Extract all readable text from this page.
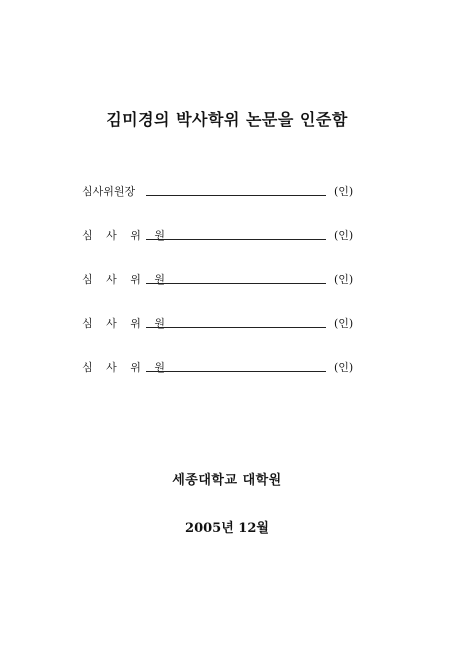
김미경의 박사학위 논문을 인준함
심사위원장	(인)
심 사 위 원	(인)
심 사 위 원	(인)
심 사 위 원	(인)
심 사 위 원	(인)
세종대학교 대학원
2005년 12월
